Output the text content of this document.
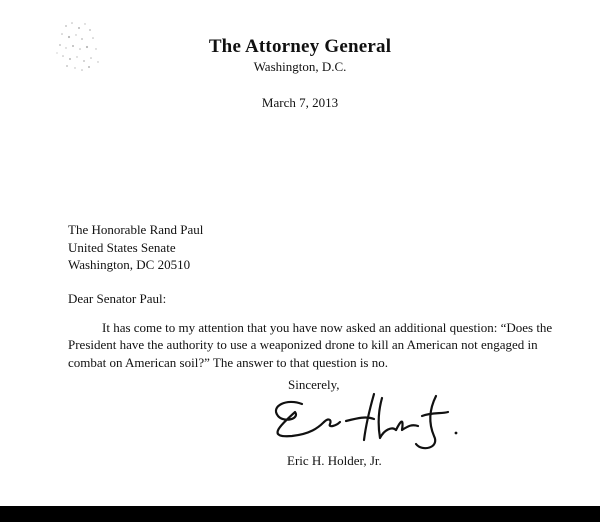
The Attorney General
Washington, D.C.
March 7, 2013
The Honorable Rand Paul
United States Senate
Washington, DC 20510
Dear Senator Paul:
It has come to my attention that you have now asked an additional question: “Does the
President have the authority to use a weaponized drone to kill an American not engaged in
combat on American soil?” The answer to that question is no.
Sincerely,
Eric H. Holder, Jr.
